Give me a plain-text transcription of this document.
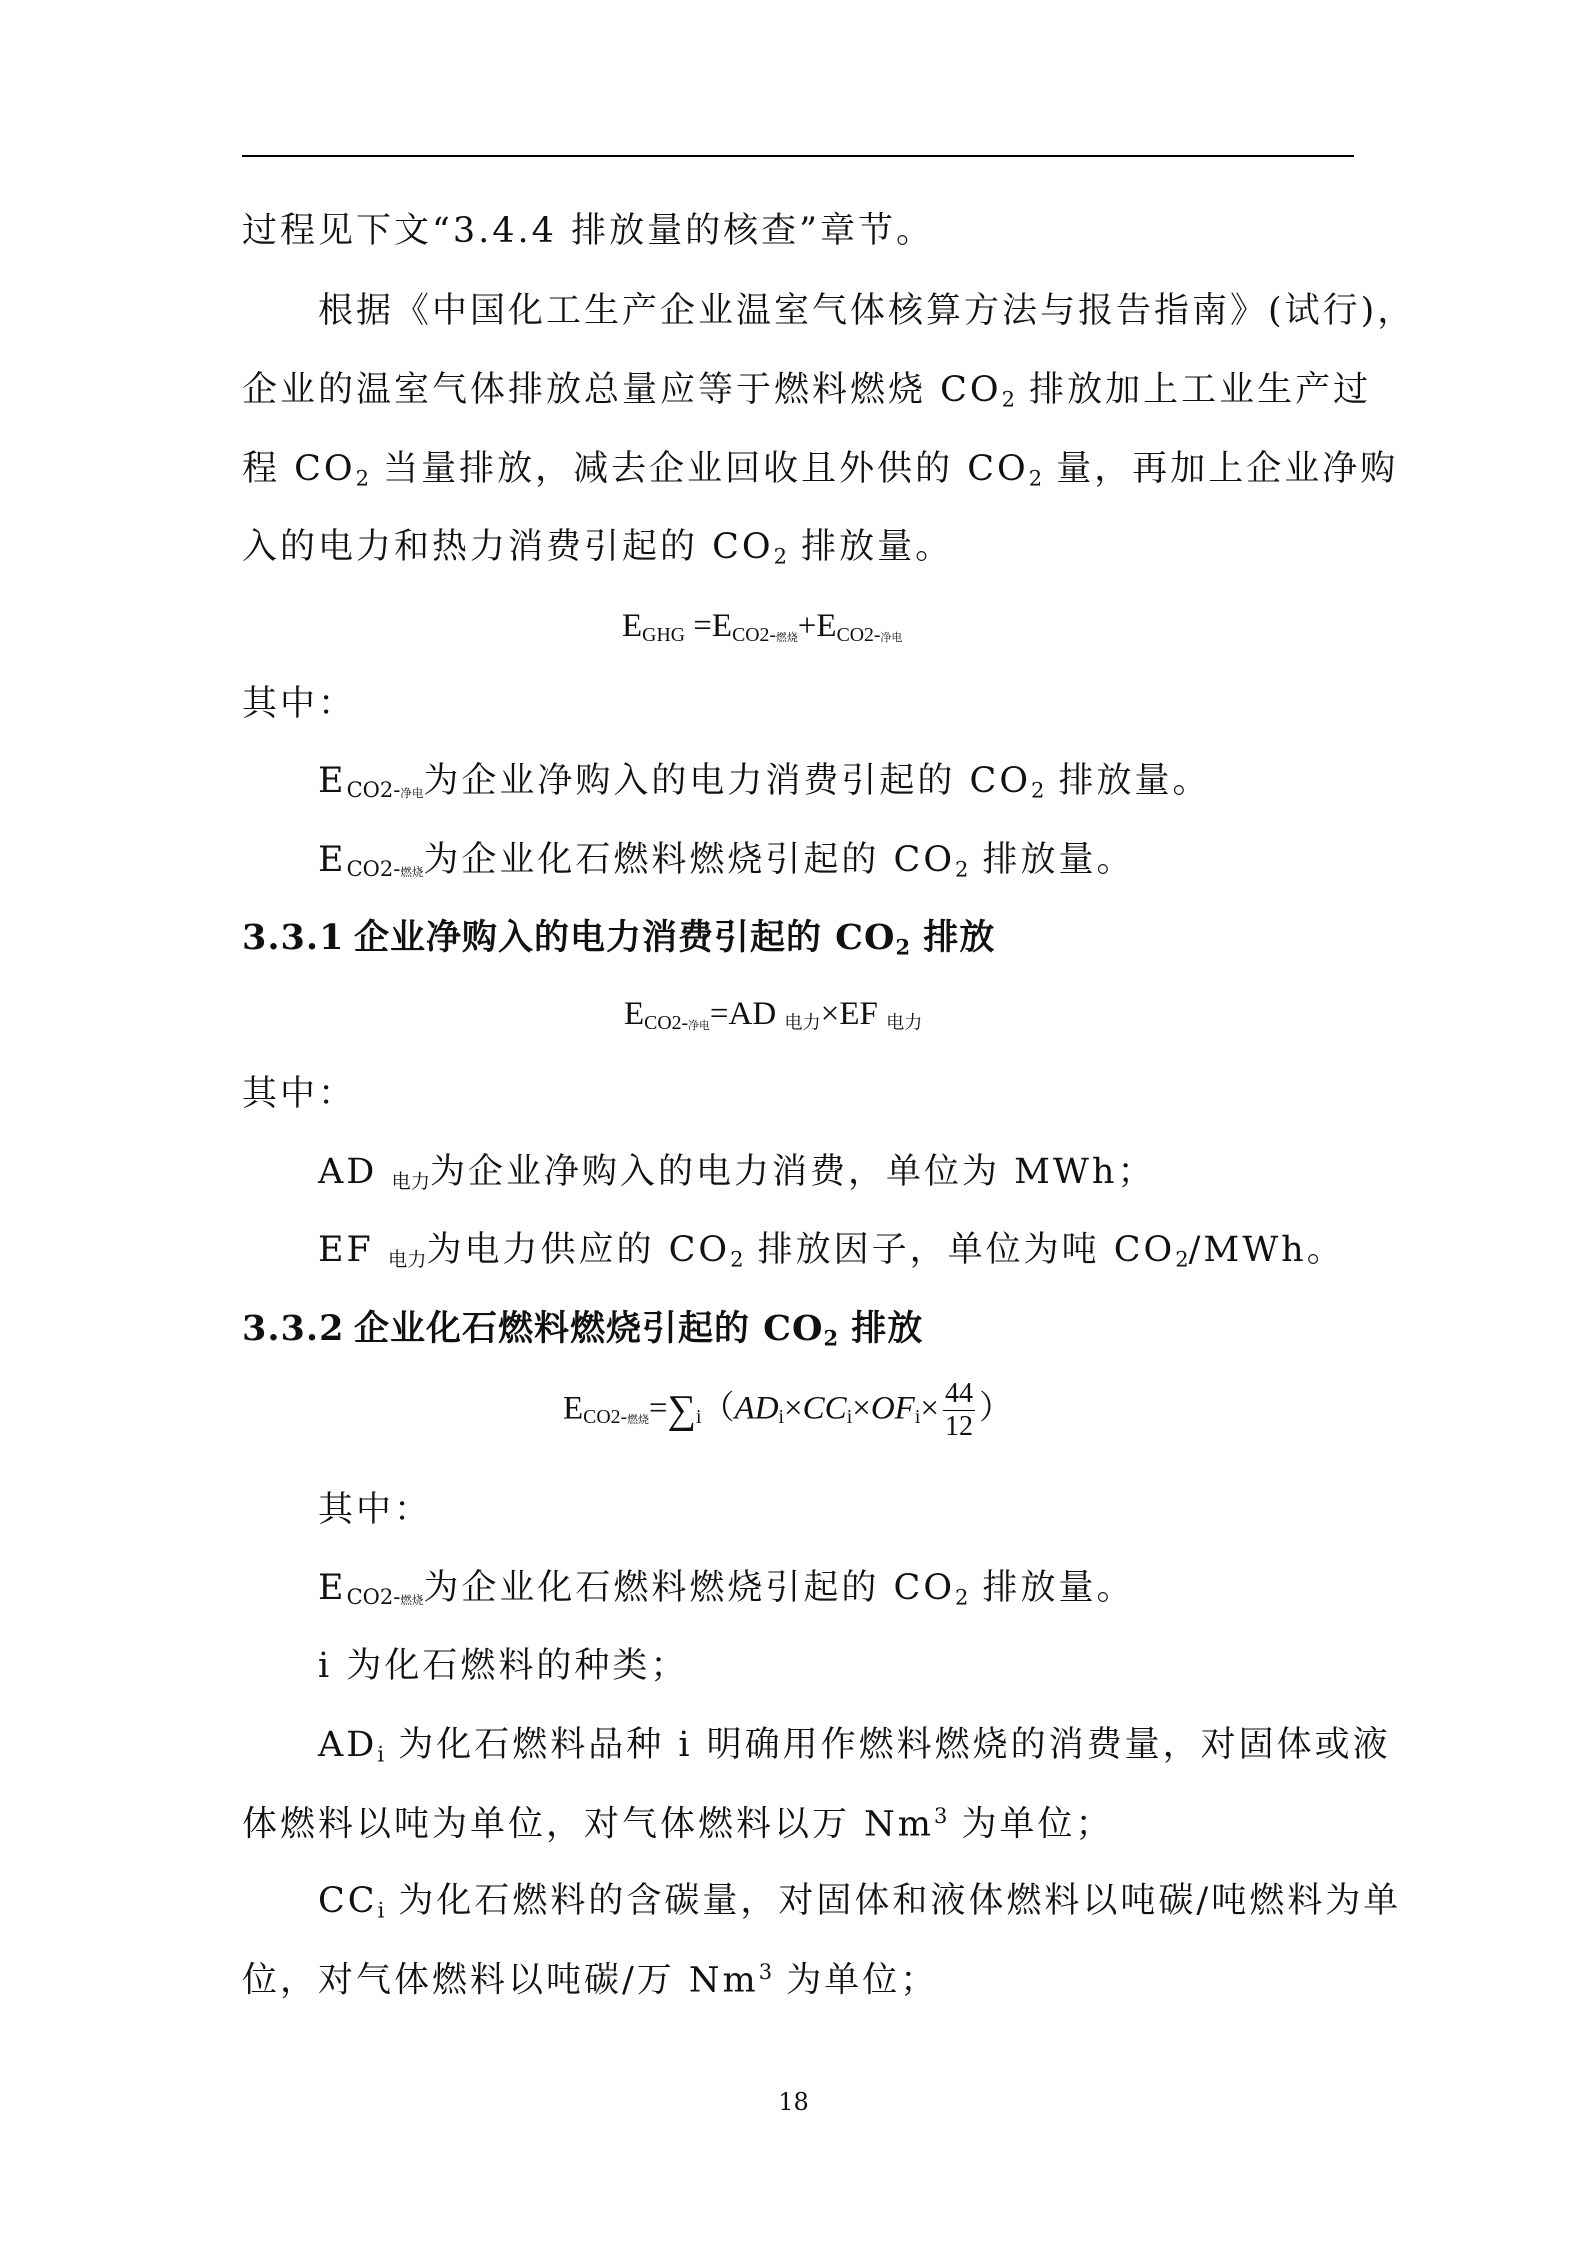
过程见下文“3.4.4 排放量的核查”章节。
根据《中国化工生产企业温室气体核算方法与报告指南》(试行)，
企业的温室气体排放总量应等于燃料燃烧 $CO_2$ 排放加上工业生产过
程 $CO_2$ 当量排放，减去企业回收且外供的 $CO_2$ 量，再加上企业净购
入的电力和热力消费引起的 $CO_2$ 排放量。
$E_{GHG} =E_{CO2-燃烧}+E_{CO2-净电}$
其中：
$E_{CO2-净电}$为企业净购入的电力消费引起的 $CO_2$ 排放量。
$E_{CO2-燃烧}$为企业化石燃料燃烧引起的 $CO_2$ 排放量。
3.3.1 企业净购入的电力消费引起的 $CO_2$ 排放
$E_{CO2-净电}=AD$ $_{电力}$×EF $_{电力}$
其中：
AD $_{电力}$为企业净购入的电力消费，单位为 MWh；
EF $_{电力}$为电力供应的 $CO_2$ 排放因子，单位为吨 $CO_2$/MWh。
3.3.2 企业化石燃料燃烧引起的 $CO_2$ 排放
$E_{CO2-燃烧}=\sum_i(AD_i\times CC_i\times OF_i\times \frac{44}{12}$ ）
其中：
$E_{CO2-燃烧}$为企业化石燃料燃烧引起的 $CO_2$ 排放量。
i 为化石燃料的种类；
$AD_i$ 为化石燃料品种 i 明确用作燃料燃烧的消费量，对固体或液
体燃料以吨为单位，对气体燃料以万 Nm$^3$ 为单位；
$CC_i$ 为化石燃料的含碳量，对固体和液体燃料以吨碳/吨燃料为单
位，对气体燃料以吨碳/万 Nm$^3$ 为单位；
18
